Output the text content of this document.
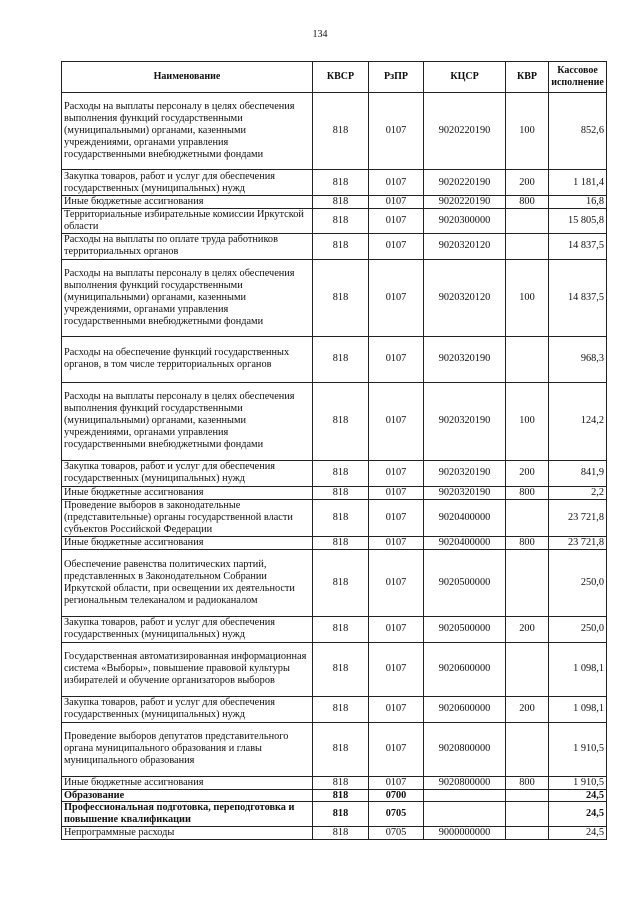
134
Наименование	КВСР	РзПР	КЦСР	КВР	Кассовое исполнение
Расходы на выплаты персоналу в целях обеспечения выполнения функций государственными (муниципальными) органами, казенными учреждениями, органами управления государственными внебюджетными фондами	818	0107	9020220190	100	852,6
Закупка товаров, работ и услуг для обеспечения государственных (муниципальных) нужд	818	0107	9020220190	200	1 181,4
Иные бюджетные ассигнования	818	0107	9020220190	800	16,8
Территориальные избирательные комиссии Иркутской области	818	0107	9020300000		15 805,8
Расходы на выплаты по оплате труда работников территориальных органов	818	0107	9020320120		14 837,5
Расходы на выплаты персоналу в целях обеспечения выполнения функций государственными (муниципальными) органами, казенными учреждениями, органами управления государственными внебюджетными фондами	818	0107	9020320120	100	14 837,5
Расходы на обеспечение функций государственных органов, в том числе территориальных органов	818	0107	9020320190		968,3
Расходы на выплаты персоналу в целях обеспечения выполнения функций государственными (муниципальными) органами, казенными учреждениями, органами управления государственными внебюджетными фондами	818	0107	9020320190	100	124,2
Закупка товаров, работ и услуг для обеспечения государственных (муниципальных) нужд	818	0107	9020320190	200	841,9
Иные бюджетные ассигнования	818	0107	9020320190	800	2,2
Проведение выборов в законодательные (представительные) органы государственной власти субъектов Российской Федерации	818	0107	9020400000		23 721,8
Иные бюджетные ассигнования	818	0107	9020400000	800	23 721,8
Обеспечение равенства политических партий, представленных в Законодательном Собрании Иркутской области, при освещении их деятельности региональным телеканалом и радиоканалом	818	0107	9020500000		250,0
Закупка товаров, работ и услуг для обеспечения государственных (муниципальных) нужд	818	0107	9020500000	200	250,0
Государственная автоматизированная информационная система «Выборы», повышение правовой культуры избирателей и обучение организаторов выборов	818	0107	9020600000		1 098,1
Закупка товаров, работ и услуг для обеспечения государственных (муниципальных) нужд	818	0107	9020600000	200	1 098,1
Проведение выборов депутатов представительного органа муниципального образования и главы муниципального образования	818	0107	9020800000		1 910,5
Иные бюджетные ассигнования	818	0107	9020800000	800	1 910,5
Образование	818	0700			24,5
Профессиональная подготовка, переподготовка и повышение квалификации	818	0705			24,5
Непрограммные расходы	818	0705	9000000000		24,5
